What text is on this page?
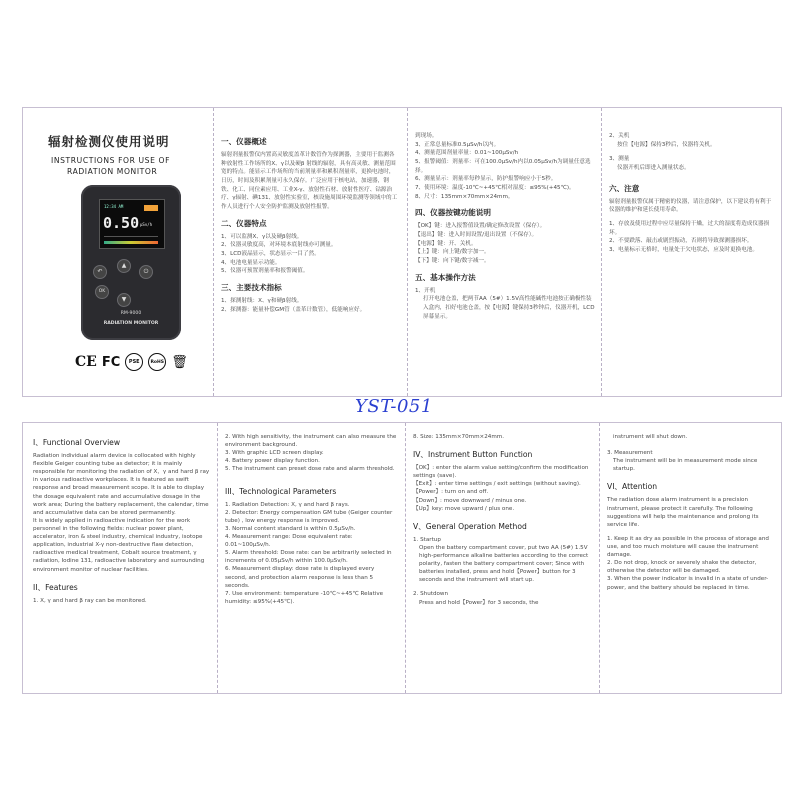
辐射检测仪使用说明
INSTRUCTIONS FOR USE OF
RADIATION MONITOR
12:34 AM
0.50 μSv/h
↶
▲
⏻
OK
▼
RM-9000
RADIATION MONITOR
CE FC	PSE	RoHS 🗑
一、仪器概述

辐射剂量报警仪内置高灵敏度盖革计数管作为探测器，主要用于监测各种放射性工作场所的X、γ以及硬β 射线的辐射，具有高灵敏、测量范围宽的特点。能显示工作场所的当前剂量率和累积剂量率，更换电池时，日历，时间及积累剂量可永久保存。广泛应用于核电站，加速器，钢铁、化工、同位素应用、工业X-γ、放射性石材、放射性医疗、钴源治疗、γ辐射、碘131、放射性实验室，核设施周围环境监测等领域中的工作人员进行个人安全防护监测及放射性报警。

二、仪器特点
1、可以监测X、γ以及硬β射线。
2、仪器灵敏度高，对环境本底射线亦可测量。
3、LCD液晶显示，状态显示一目了然。
4、电池电量显示功能。
5、仪器可预置剂量率和报警阈值。
三、主要技术指标
1、探测射线：X、γ和硬β射线。
2、探测器：能量补偿GM管（盖革计数管），低能响应好。
到现场。
3、正常总量标准0.5μSv/h以内。
4、测量范围剂量率量：0.01~100μSv/h
5、报警阈值：剂量率：可在100.0μSv/h内以0.05μSv/h为调量任意选择。
6、测量显示：剂量率每秒显示，防护报警响应小于5秒。
7、使用环境：温度-10℃~+45℃相对湿度：≤95%(+45℃)。
8、尺寸：135mm×70mm×24mm。
四、仪器按键功能说明
【OK】键：进入报警值设置/确定修改设置（保存）。
【退出】键：进入时间设置/退出设置（不保存）。
【电源】键：开、关机。
【上】键：向上键/数字加一。
【下】键：向下键/数字减一。
五、基本操作方法

1、开机

打开电池仓盖，把两节AA（5#）1.5V高性能碱性电池按正确极性装入盒内，扣好电池仓盖，按【电源】键保持3秒钟后，仪器开机，LCD屏幕显示。

2、关机

按住【电源】保持3秒后，仪器将关机。

3、测量

仪器开机后即进入测量状态。

六、注意

辐射剂量报警仪属于精密的仪器，请注意保护，以下建议将有利于仪器的维护和延长使用寿命。

1、存放及使用过程中应尽量保持干燥，过大的湿度将造成仪器损坏。
2、不要跌落、敲击或剧烈振动，否则将导致探测器损坏。
3、电量标示无格时，电量处于欠电状态，应及时更换电池。
YST-051
I、Functional Overview

Radiation individual alarm device is collocated with highly flexible Geiger counting tube as detector; it is mainly responsible for monitoring the radiation of X，γ and hard β ray in various radioactive workplaces. It is featured as swift response and broad measurement scope. It is able to display the dosage equivalent rate and accumulative dosage in the work area; During the battery replacement, the calendar, time and accumulative data can be stored permanently.

It is widely applied in radioactive indication for the work personnel in the following fields: nuclear power plant, accelerator, iron & steel industry, chemical industry, isotope application, industrial X-γ non-destructive flaw detection, radioactive medical treatment, Cobalt source treatment, γ radiation, Iodine 131, radioactive laboratory and surrounding environment monitor of nuclear facilities.

II、Features

1. X, γ and hard β ray can be monitored.

2. With high sensitivity, the instrument can also measure the environment background.
3. With graphic LCD screen display.
4. Battery power display function.
5. The instrument can preset dose rate and alarm threshold.
III、Technological Parameters
1. Radiation Detection: X, γ and hard β rays.
2. Detector: Energy compensation GM tube (Geiger counter tube) , low energy response is improved.
3. Normal content standard is within 0.5μSv/h.
4. Measurement range: Dose equivalent rate: 0.01~100μSv/h.
5. Alarm threshold: Dose rate: can be arbitrarily selected in increments of 0.05μSv/h within 100.0μSv/h.
6. Measurement display: dose rate is displayed every second, and protection alarm response is less than 5 seconds.
7. Use environment: temperature -10℃~+45℃ Relative humidity: ≤95%(+45℃).

8. Size: 135mm×70mm×24mm.

IV、Instrument Button Function
【OK】: enter the alarm value setting/confirm the modification settings (save).
【Exit】: enter time settings / exit settings (without saving).
【Power】: turn on and off.
【Down】: move downward / minus one.
【Up】key: move upward / plus one.
V、General Operation Method

1. Startup

Open the battery compartment cover, put two AA (5#) 1.5V high-performance alkaline batteries according to the correct polarity, fasten the battery compartment cover; Since with batteries installed, press and hold【Power】button for 3 seconds and the instrument will start up.

2. Shutdown

Press and hold【Power】for 3 seconds, the

instrument will shut down.

3. Measurement

The instrument will be in measurement mode since startup.

VI、Attention

The radiation dose alarm instrument is a precision instrument, please protect it carefully. The following suggestions will help the maintenance and prolong its service life.

1. Keep it as dry as possible in the process of storage and use, and too much moisture will cause the instrument damage.
2. Do not drop, knock or severely shake the detector, otherwise the detector will be damaged.
3. When the power indicator is invalid in a state of under-power, and the battery should be replaced in time.
